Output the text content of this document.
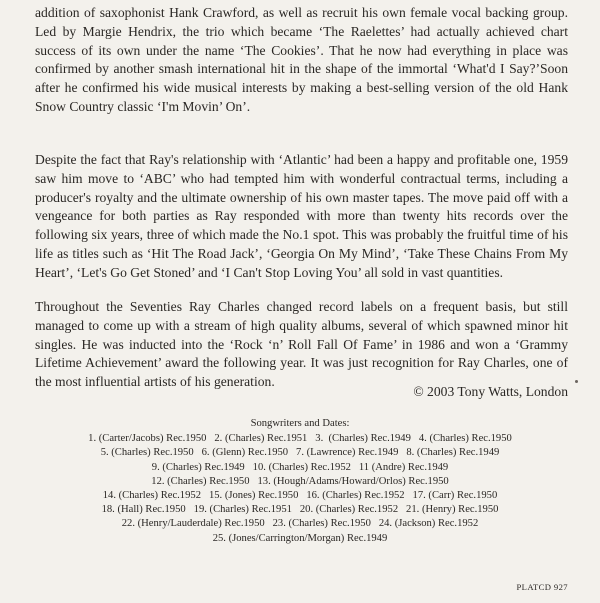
addition of saxophonist Hank Crawford, as well as recruit his own female vocal backing group. Led by Margie Hendrix, the trio which became ‘The Raelettes’ had actually achieved chart success of its own under the name ‘The Cookies’. That he now had everything in place was confirmed by another smash international hit in the shape of the immortal ‘What'd I Say?’Soon after he confirmed his wide musical interests by making a best-selling version of the old Hank Snow Country classic ‘I'm Movin’ On’.

Despite the fact that Ray's relationship with ‘Atlantic’ had been a happy and profitable one, 1959 saw him move to ‘ABC’ who had tempted him with wonderful contractual terms, including a producer's royalty and the ultimate ownership of his own master tapes. The move paid off with a vengeance for both parties as Ray responded with more than twenty hits records over the following six years, three of which made the No.1 spot. This was probably the fruitful time of his life as titles such as ‘Hit The Road Jack’, ‘Georgia On My Mind’, ‘Take These Chains From My Heart’, ‘Let's Go Get Stoned’ and ‘I Can't Stop Loving You’ all sold in vast quantities.

Throughout the Seventies Ray Charles changed record labels on a frequent basis, but still managed to come up with a stream of high quality albums, several of which spawned minor hit singles. He was inducted into the ‘Rock ‘n’ Roll Fall Of Fame’ in 1986 and won a ‘Grammy Lifetime Achievement’ award the following year. It was just recognition for Ray Charles, one of the most influential artists of his generation.

© 2003 Tony Watts, London
Songwriters and Dates:
1. (Carter/Jacobs) Rec.1950   2. (Charles) Rec.1951   3.  (Charles) Rec.1949   4. (Charles) Rec.1950
5. (Charles) Rec.1950   6. (Glenn) Rec.1950   7. (Lawrence) Rec.1949   8. (Charles) Rec.1949
9. (Charles) Rec.1949   10. (Charles) Rec.1952   11 (Andre) Rec.1949
12. (Charles) Rec.1950   13. (Hough/Adams/Howard/Orlos) Rec.1950
14. (Charles) Rec.1952   15. (Jones) Rec.1950   16. (Charles) Rec.1952   17. (Carr) Rec.1950
18. (Hall) Rec.1950   19. (Charles) Rec.1951   20. (Charles) Rec.1952   21. (Henry) Rec.1950
22. (Henry/Lauderdale) Rec.1950   23. (Charles) Rec.1950   24. (Jackson) Rec.1952
25. (Jones/Carrington/Morgan) Rec.1949
PLATCD 927
